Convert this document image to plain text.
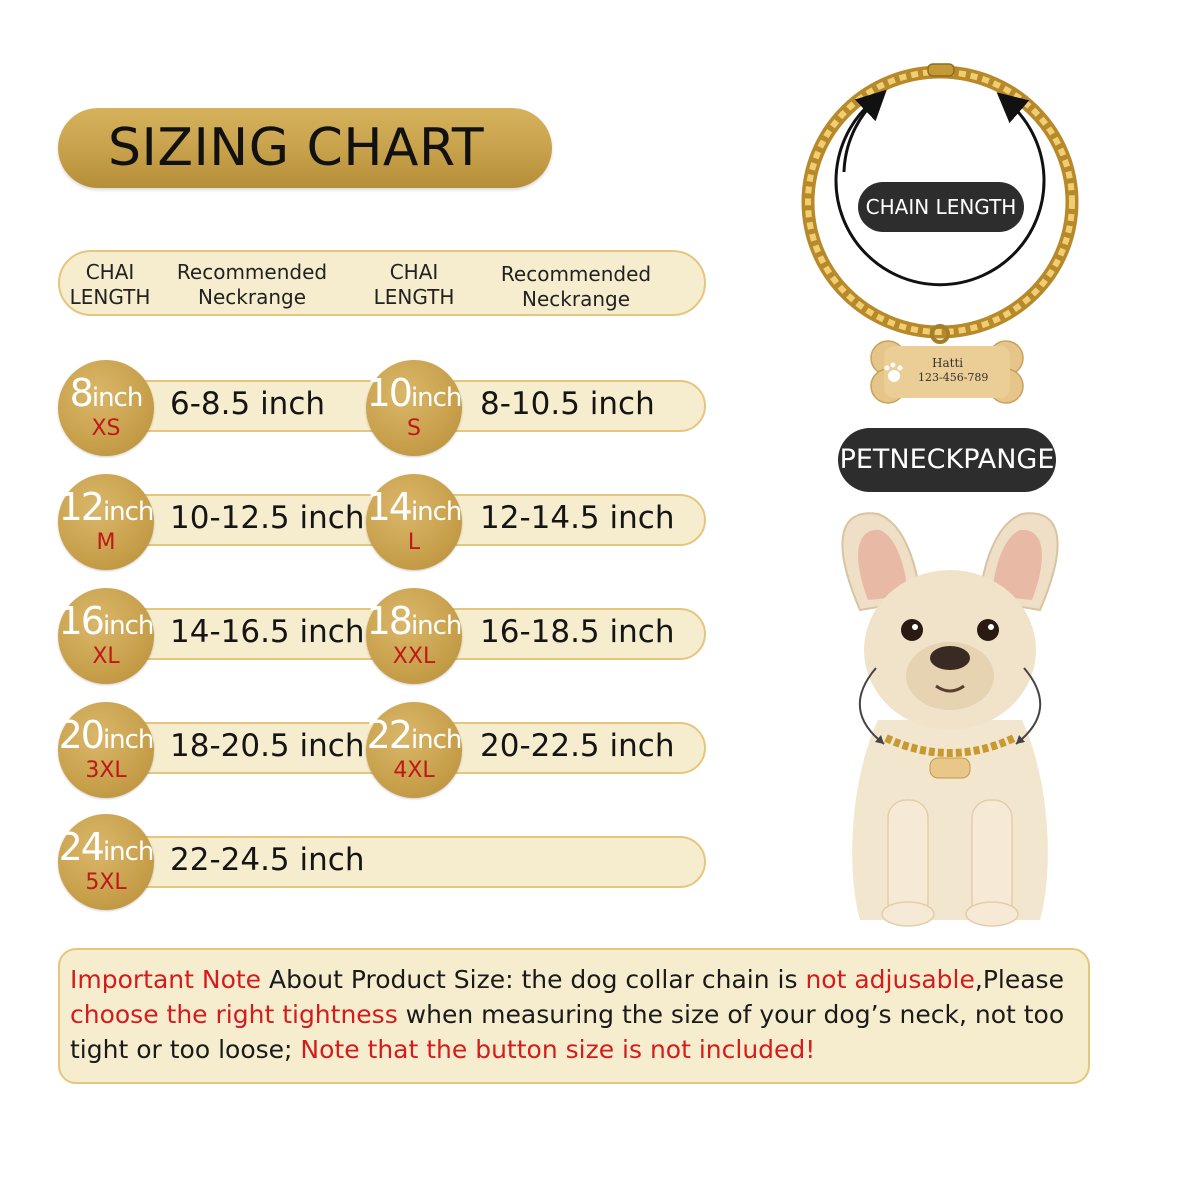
SIZING CHART
CHAI
LENGTH
Recommended
Neckrange
CHAI
LENGTH
Recommended
Neckrange
8inch
XS
6-8.5 inch 10inch
S
8-10.5 inch
12inch
M
10-12.5 inch 14inch
L
12-14.5 inch
16inch
XL
14-16.5 inch 18inch
XXL
16-18.5 inch
20inch
3XL
18-20.5 inch 22inch
4XL
20-22.5 inch
24inch
5XL
22-24.5 inch
Important Note About Product Size: the dog collar chain is not adjusable,Please choose the right tightness when measuring the size of your dog’s neck, not too tight or too loose; Note that the button size is not included!
Hatti
123-456-789
CHAIN LENGTH
PETNECKPANGE
